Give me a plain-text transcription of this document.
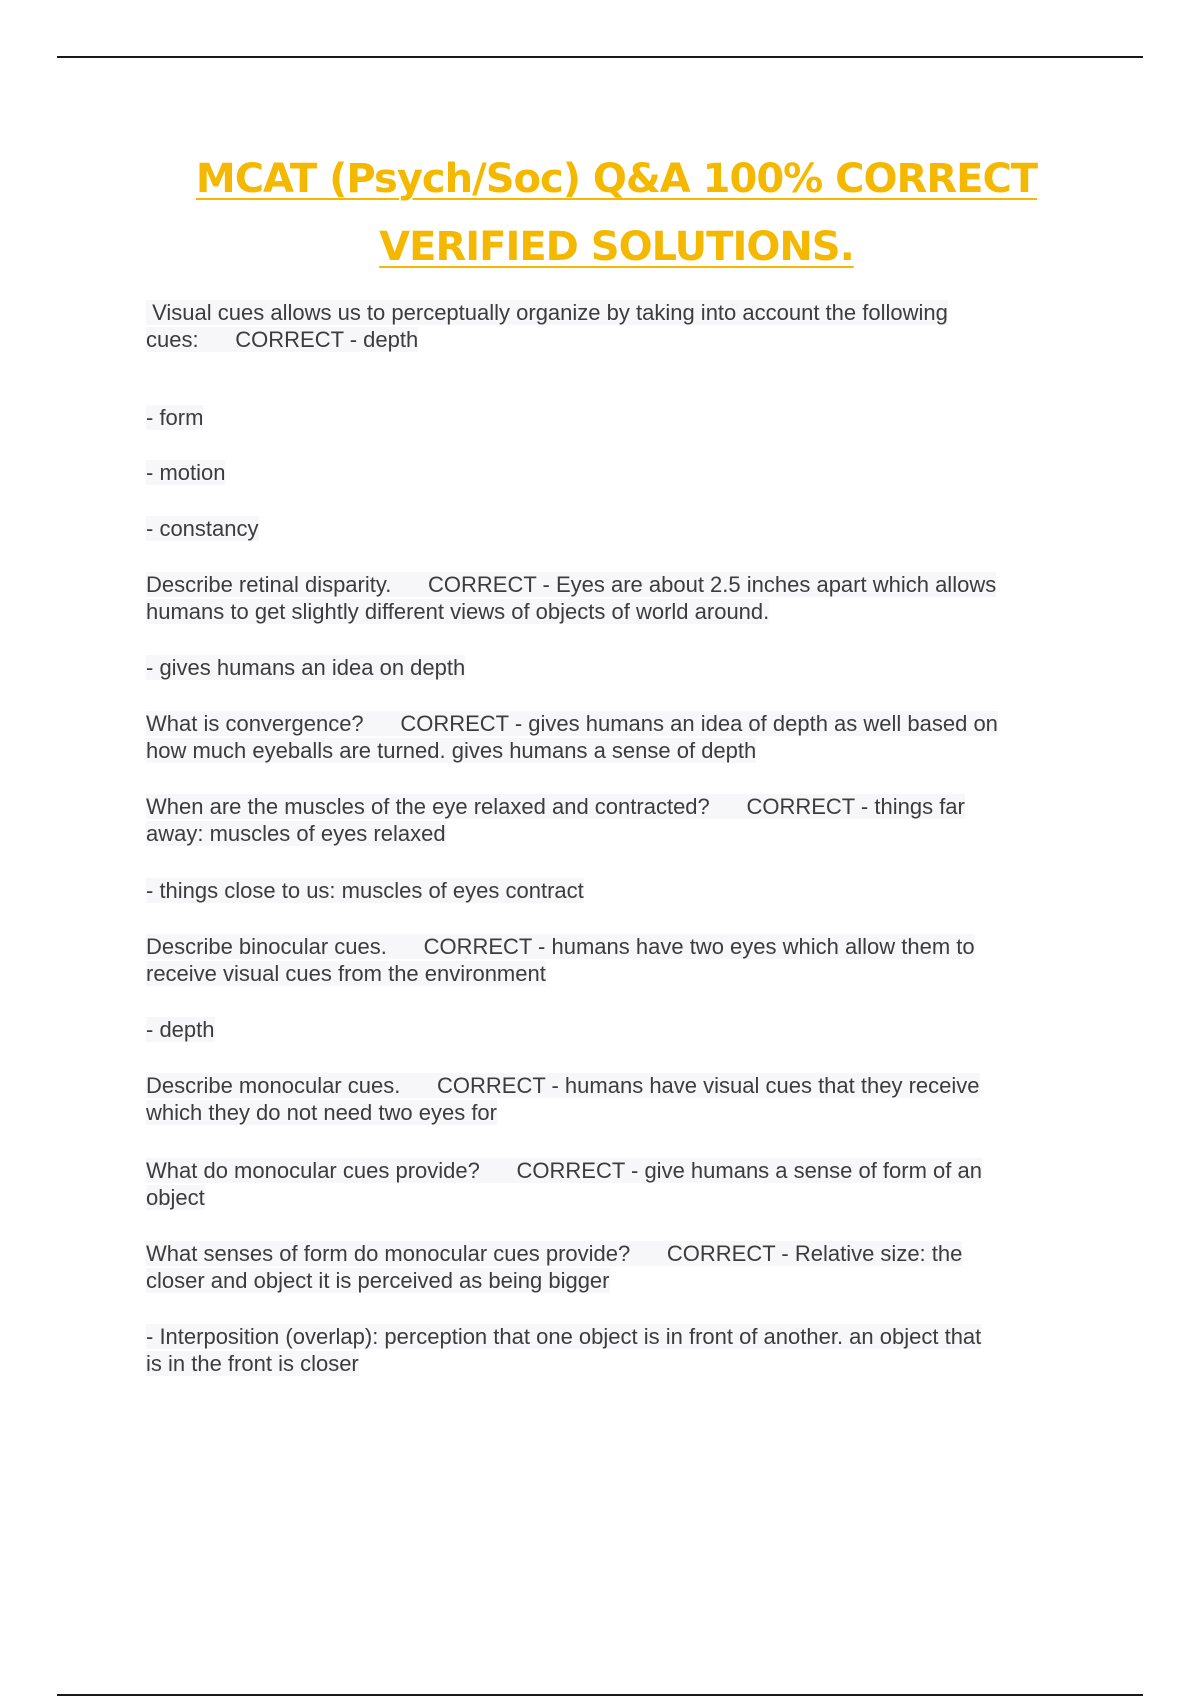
MCAT (Psych/Soc) Q&A 100% CORRECT
VERIFIED SOLUTIONS.
Visual cues allows us to perceptually organize by taking into account the following
cues:      CORRECT - depth
- form
- motion
- constancy
Describe retinal disparity.      CORRECT - Eyes are about 2.5 inches apart which allows
humans to get slightly different views of objects of world around.
- gives humans an idea on depth
What is convergence?      CORRECT - gives humans an idea of depth as well based on
how much eyeballs are turned. gives humans a sense of depth
When are the muscles of the eye relaxed and contracted?      CORRECT - things far
away: muscles of eyes relaxed
- things close to us: muscles of eyes contract
Describe binocular cues.      CORRECT - humans have two eyes which allow them to
receive visual cues from the environment
- depth
Describe monocular cues.      CORRECT - humans have visual cues that they receive
which they do not need two eyes for
What do monocular cues provide?      CORRECT - give humans a sense of form of an
object
What senses of form do monocular cues provide?      CORRECT - Relative size: the
closer and object it is perceived as being bigger
- Interposition (overlap): perception that one object is in front of another. an object that
is in the front is closer
